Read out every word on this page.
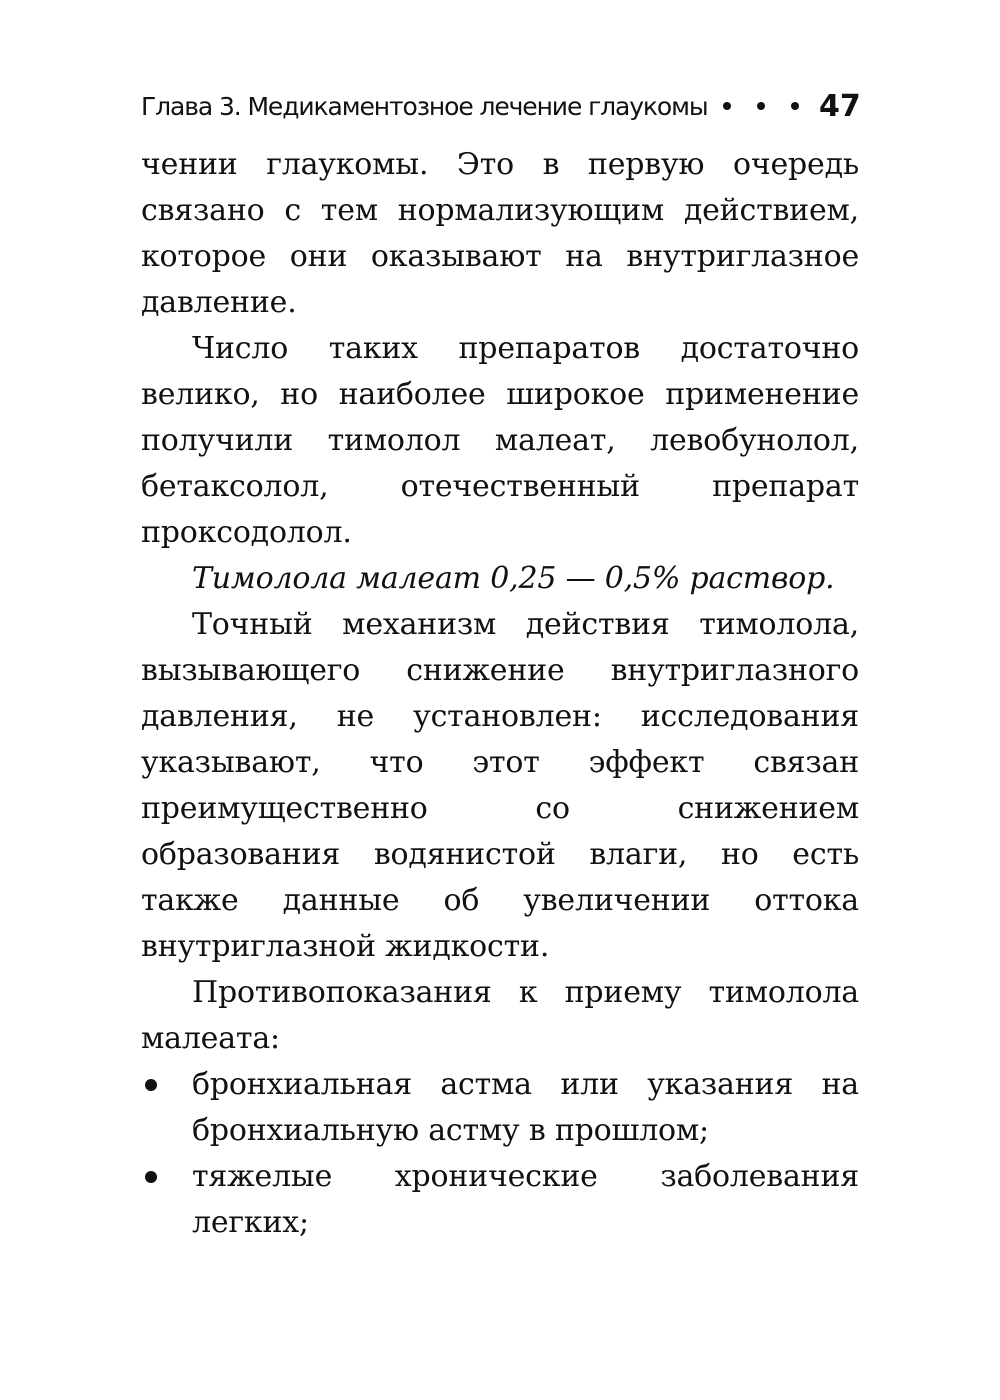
Глава 3. Медикаментозное лечение глаукомы	47

чении глаукомы. Это в первую очередь связано с тем нормализующим действием, которое они оказывают на внутриглазное давление.

Число таких препаратов достаточно велико, но наиболее широкое применение получили тимолол малеат, левобунолол, бетаксолол, отечественный препарат проксодолол.

Тимолола малеат 0,25 — 0,5% раствор.

Точный механизм действия тимолола, вызывающего снижение внутриглазного давления, не установлен: исследования указывают, что этот эффект связан преимущественно со снижением образования водянистой влаги, но есть также данные об увеличении оттока внутриглазной жидкости.

Противопоказания к приему тимолола малеата:

бронхиальная астма или указания на бронхиальную астму в прошлом;
тяжелые хронические заболевания легких;
